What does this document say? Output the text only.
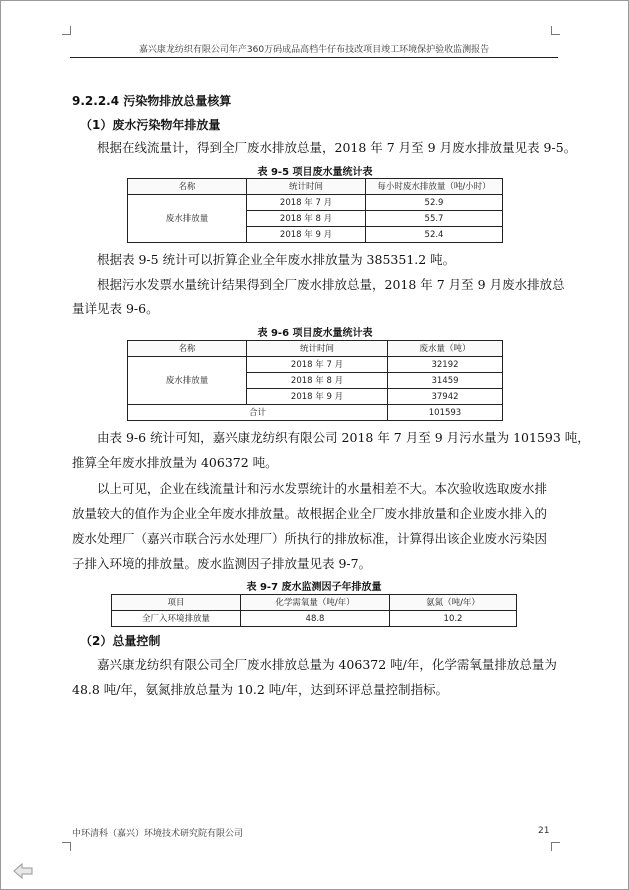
嘉兴康龙纺织有限公司年产360万码成品高档牛仔布技改项目竣工环境保护验收监测报告
9.2.2.4 污染物排放总量核算
（1）废水污染物年排放量
根据在线流量计，得到全厂废水排放总量，2018 年 7 月至 9 月废水排放量见表 9-5。
表 9-5 项目废水量统计表
名称	统计时间	每小时废水排放量（吨/小时）
废水排放量	2018 年 7 月	52.9
	2018 年 8 月	55.7
	2018 年 9 月	52.4
根据表 9-5 统计可以折算企业全年废水排放量为 385351.2 吨。
根据污水发票水量统计结果得到全厂废水排放总量，2018 年 7 月至 9 月废水排放总
量详见表 9-6。
表 9-6 项目废水量统计表
名称	统计时间	废水量（吨）
废水排放量	2018 年 7 月	32192
	2018 年 8 月	31459
	2018 年 9 月	37942
合计		101593
由表 9-6 统计可知，嘉兴康龙纺织有限公司 2018 年 7 月至 9 月污水量为 101593 吨，
推算全年废水排放量为 406372 吨。
以上可见，企业在线流量计和污水发票统计的水量相差不大。本次验收选取废水排
放量较大的值作为企业全年废水排放量。故根据企业全厂废水排放量和企业废水排入的
废水处理厂（嘉兴市联合污水处理厂）所执行的排放标准，计算得出该企业废水污染因
子排入环境的排放量。废水监测因子排放量见表 9-7。
表 9-7 废水监测因子年排放量
项目	化学需氧量（吨/年）	氨氮（吨/年）
全厂入环境排放量	48.8	10.2
（2）总量控制
嘉兴康龙纺织有限公司全厂废水排放总量为 406372 吨/年，化学需氧量排放总量为
48.8 吨/年，氨氮排放总量为 10.2 吨/年，达到环评总量控制指标。
中环清科（嘉兴）环境技术研究院有限公司	21
